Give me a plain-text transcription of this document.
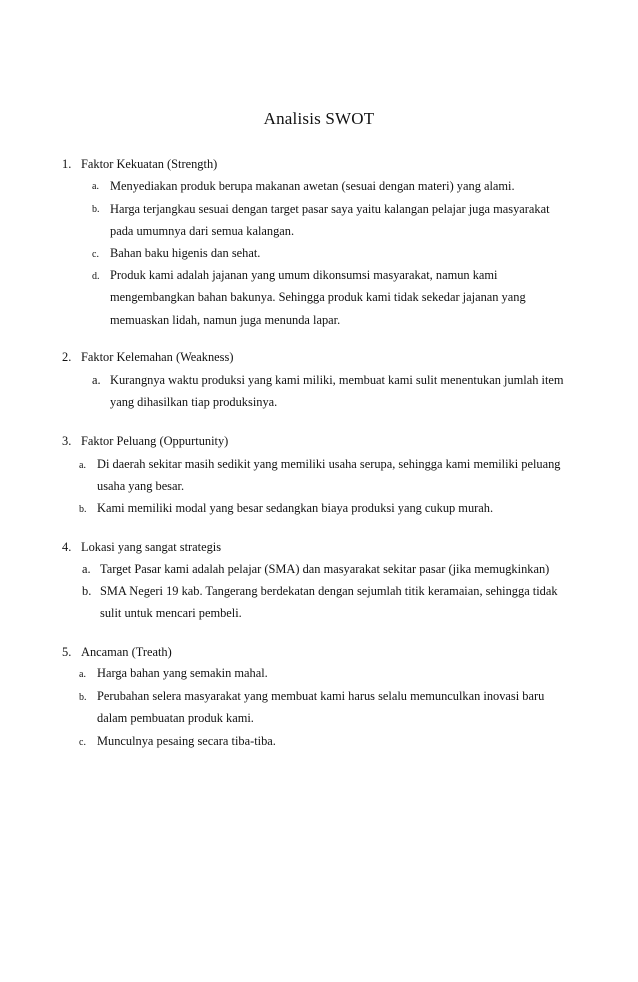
Analisis SWOT
1. Faktor Kekuatan (Strength)
a. Menyediakan produk berupa makanan awetan (sesuai dengan materi) yang alami.
b. Harga terjangkau sesuai dengan target pasar saya yaitu kalangan pelajar juga masyarakat
pada umumnya dari semua kalangan.
c. Bahan baku higenis dan sehat.
d. Produk kami adalah jajanan yang umum dikonsumsi masyarakat, namun kami
mengembangkan bahan bakunya. Sehingga produk kami tidak sekedar jajanan yang
memuaskan lidah, namun juga menunda lapar.
2. Faktor Kelemahan (Weakness)
a. Kurangnya waktu produksi yang kami miliki, membuat kami sulit menentukan jumlah item
yang dihasilkan tiap produksinya.
3. Faktor Peluang (Oppurtunity)
a. Di daerah sekitar masih sedikit yang memiliki usaha serupa, sehingga kami memiliki peluang
usaha yang besar.
b. Kami memiliki modal yang besar sedangkan biaya produksi yang cukup murah.
4. Lokasi yang sangat strategis
a. Target Pasar kami adalah pelajar (SMA) dan masyarakat sekitar pasar (jika memugkinkan)
b. SMA Negeri 19 kab. Tangerang berdekatan dengan sejumlah titik keramaian, sehingga tidak
sulit untuk mencari pembeli.
5. Ancaman (Treath)
a. Harga bahan yang semakin mahal.
b. Perubahan selera masyarakat yang membuat kami harus selalu memunculkan inovasi baru
dalam pembuatan produk kami.
c. Munculnya pesaing secara tiba-tiba.
